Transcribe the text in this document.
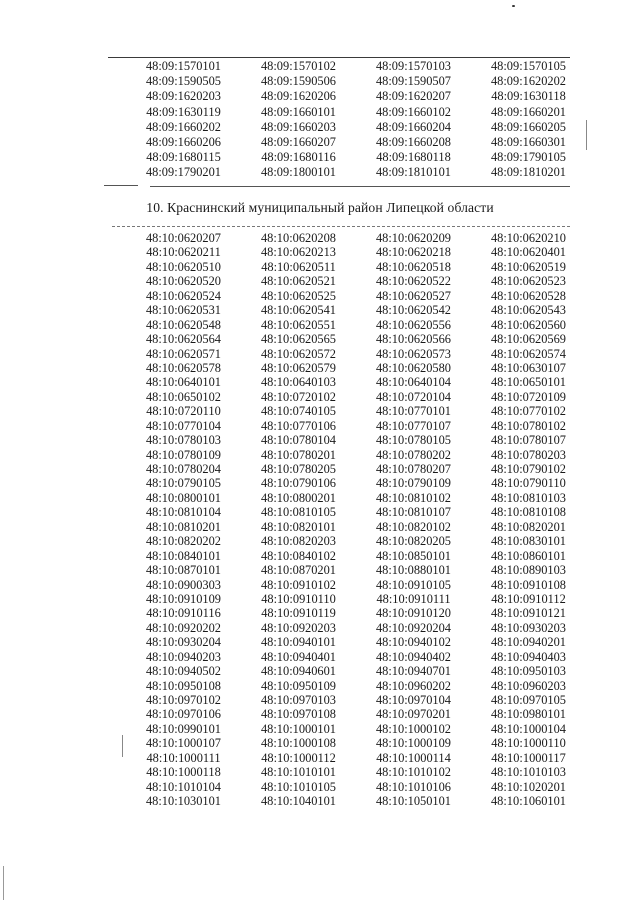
48:09:1570101	48:09:1570102	48:09:1570103	48:09:1570105
48:09:1590505	48:09:1590506	48:09:1590507	48:09:1620202
48:09:1620203	48:09:1620206	48:09:1620207	48:09:1630118
48:09:1630119	48:09:1660101	48:09:1660102	48:09:1660201
48:09:1660202	48:09:1660203	48:09:1660204	48:09:1660205
48:09:1660206	48:09:1660207	48:09:1660208	48:09:1660301
48:09:1680115	48:09:1680116	48:09:1680118	48:09:1790105
48:09:1790201	48:09:1800101	48:09:1810101	48:09:1810201
10. Краснинский муниципальный район Липецкой области
48:10:0620207	48:10:0620208	48:10:0620209	48:10:0620210
48:10:0620211	48:10:0620213	48:10:0620218	48:10:0620401
48:10:0620510	48:10:0620511	48:10:0620518	48:10:0620519
48:10:0620520	48:10:0620521	48:10:0620522	48:10:0620523
48:10:0620524	48:10:0620525	48:10:0620527	48:10:0620528
48:10:0620531	48:10:0620541	48:10:0620542	48:10:0620543
48:10:0620548	48:10:0620551	48:10:0620556	48:10:0620560
48:10:0620564	48:10:0620565	48:10:0620566	48:10:0620569
48:10:0620571	48:10:0620572	48:10:0620573	48:10:0620574
48:10:0620578	48:10:0620579	48:10:0620580	48:10:0630107
48:10:0640101	48:10:0640103	48:10:0640104	48:10:0650101
48:10:0650102	48:10:0720102	48:10:0720104	48:10:0720109
48:10:0720110	48:10:0740105	48:10:0770101	48:10:0770102
48:10:0770104	48:10:0770106	48:10:0770107	48:10:0780102
48:10:0780103	48:10:0780104	48:10:0780105	48:10:0780107
48:10:0780109	48:10:0780201	48:10:0780202	48:10:0780203
48:10:0780204	48:10:0780205	48:10:0780207	48:10:0790102
48:10:0790105	48:10:0790106	48:10:0790109	48:10:0790110
48:10:0800101	48:10:0800201	48:10:0810102	48:10:0810103
48:10:0810104	48:10:0810105	48:10:0810107	48:10:0810108
48:10:0810201	48:10:0820101	48:10:0820102	48:10:0820201
48:10:0820202	48:10:0820203	48:10:0820205	48:10:0830101
48:10:0840101	48:10:0840102	48:10:0850101	48:10:0860101
48:10:0870101	48:10:0870201	48:10:0880101	48:10:0890103
48:10:0900303	48:10:0910102	48:10:0910105	48:10:0910108
48:10:0910109	48:10:0910110	48:10:0910111	48:10:0910112
48:10:0910116	48:10:0910119	48:10:0910120	48:10:0910121
48:10:0920202	48:10:0920203	48:10:0920204	48:10:0930203
48:10:0930204	48:10:0940101	48:10:0940102	48:10:0940201
48:10:0940203	48:10:0940401	48:10:0940402	48:10:0940403
48:10:0940502	48:10:0940601	48:10:0940701	48:10:0950103
48:10:0950108	48:10:0950109	48:10:0960202	48:10:0960203
48:10:0970102	48:10:0970103	48:10:0970104	48:10:0970105
48:10:0970106	48:10:0970108	48:10:0970201	48:10:0980101
48:10:0990101	48:10:1000101	48:10:1000102	48:10:1000104
48:10:1000107	48:10:1000108	48:10:1000109	48:10:1000110
48:10:1000111	48:10:1000112	48:10:1000114	48:10:1000117
48:10:1000118	48:10:1010101	48:10:1010102	48:10:1010103
48:10:1010104	48:10:1010105	48:10:1010106	48:10:1020201
48:10:1030101	48:10:1040101	48:10:1050101	48:10:1060101
